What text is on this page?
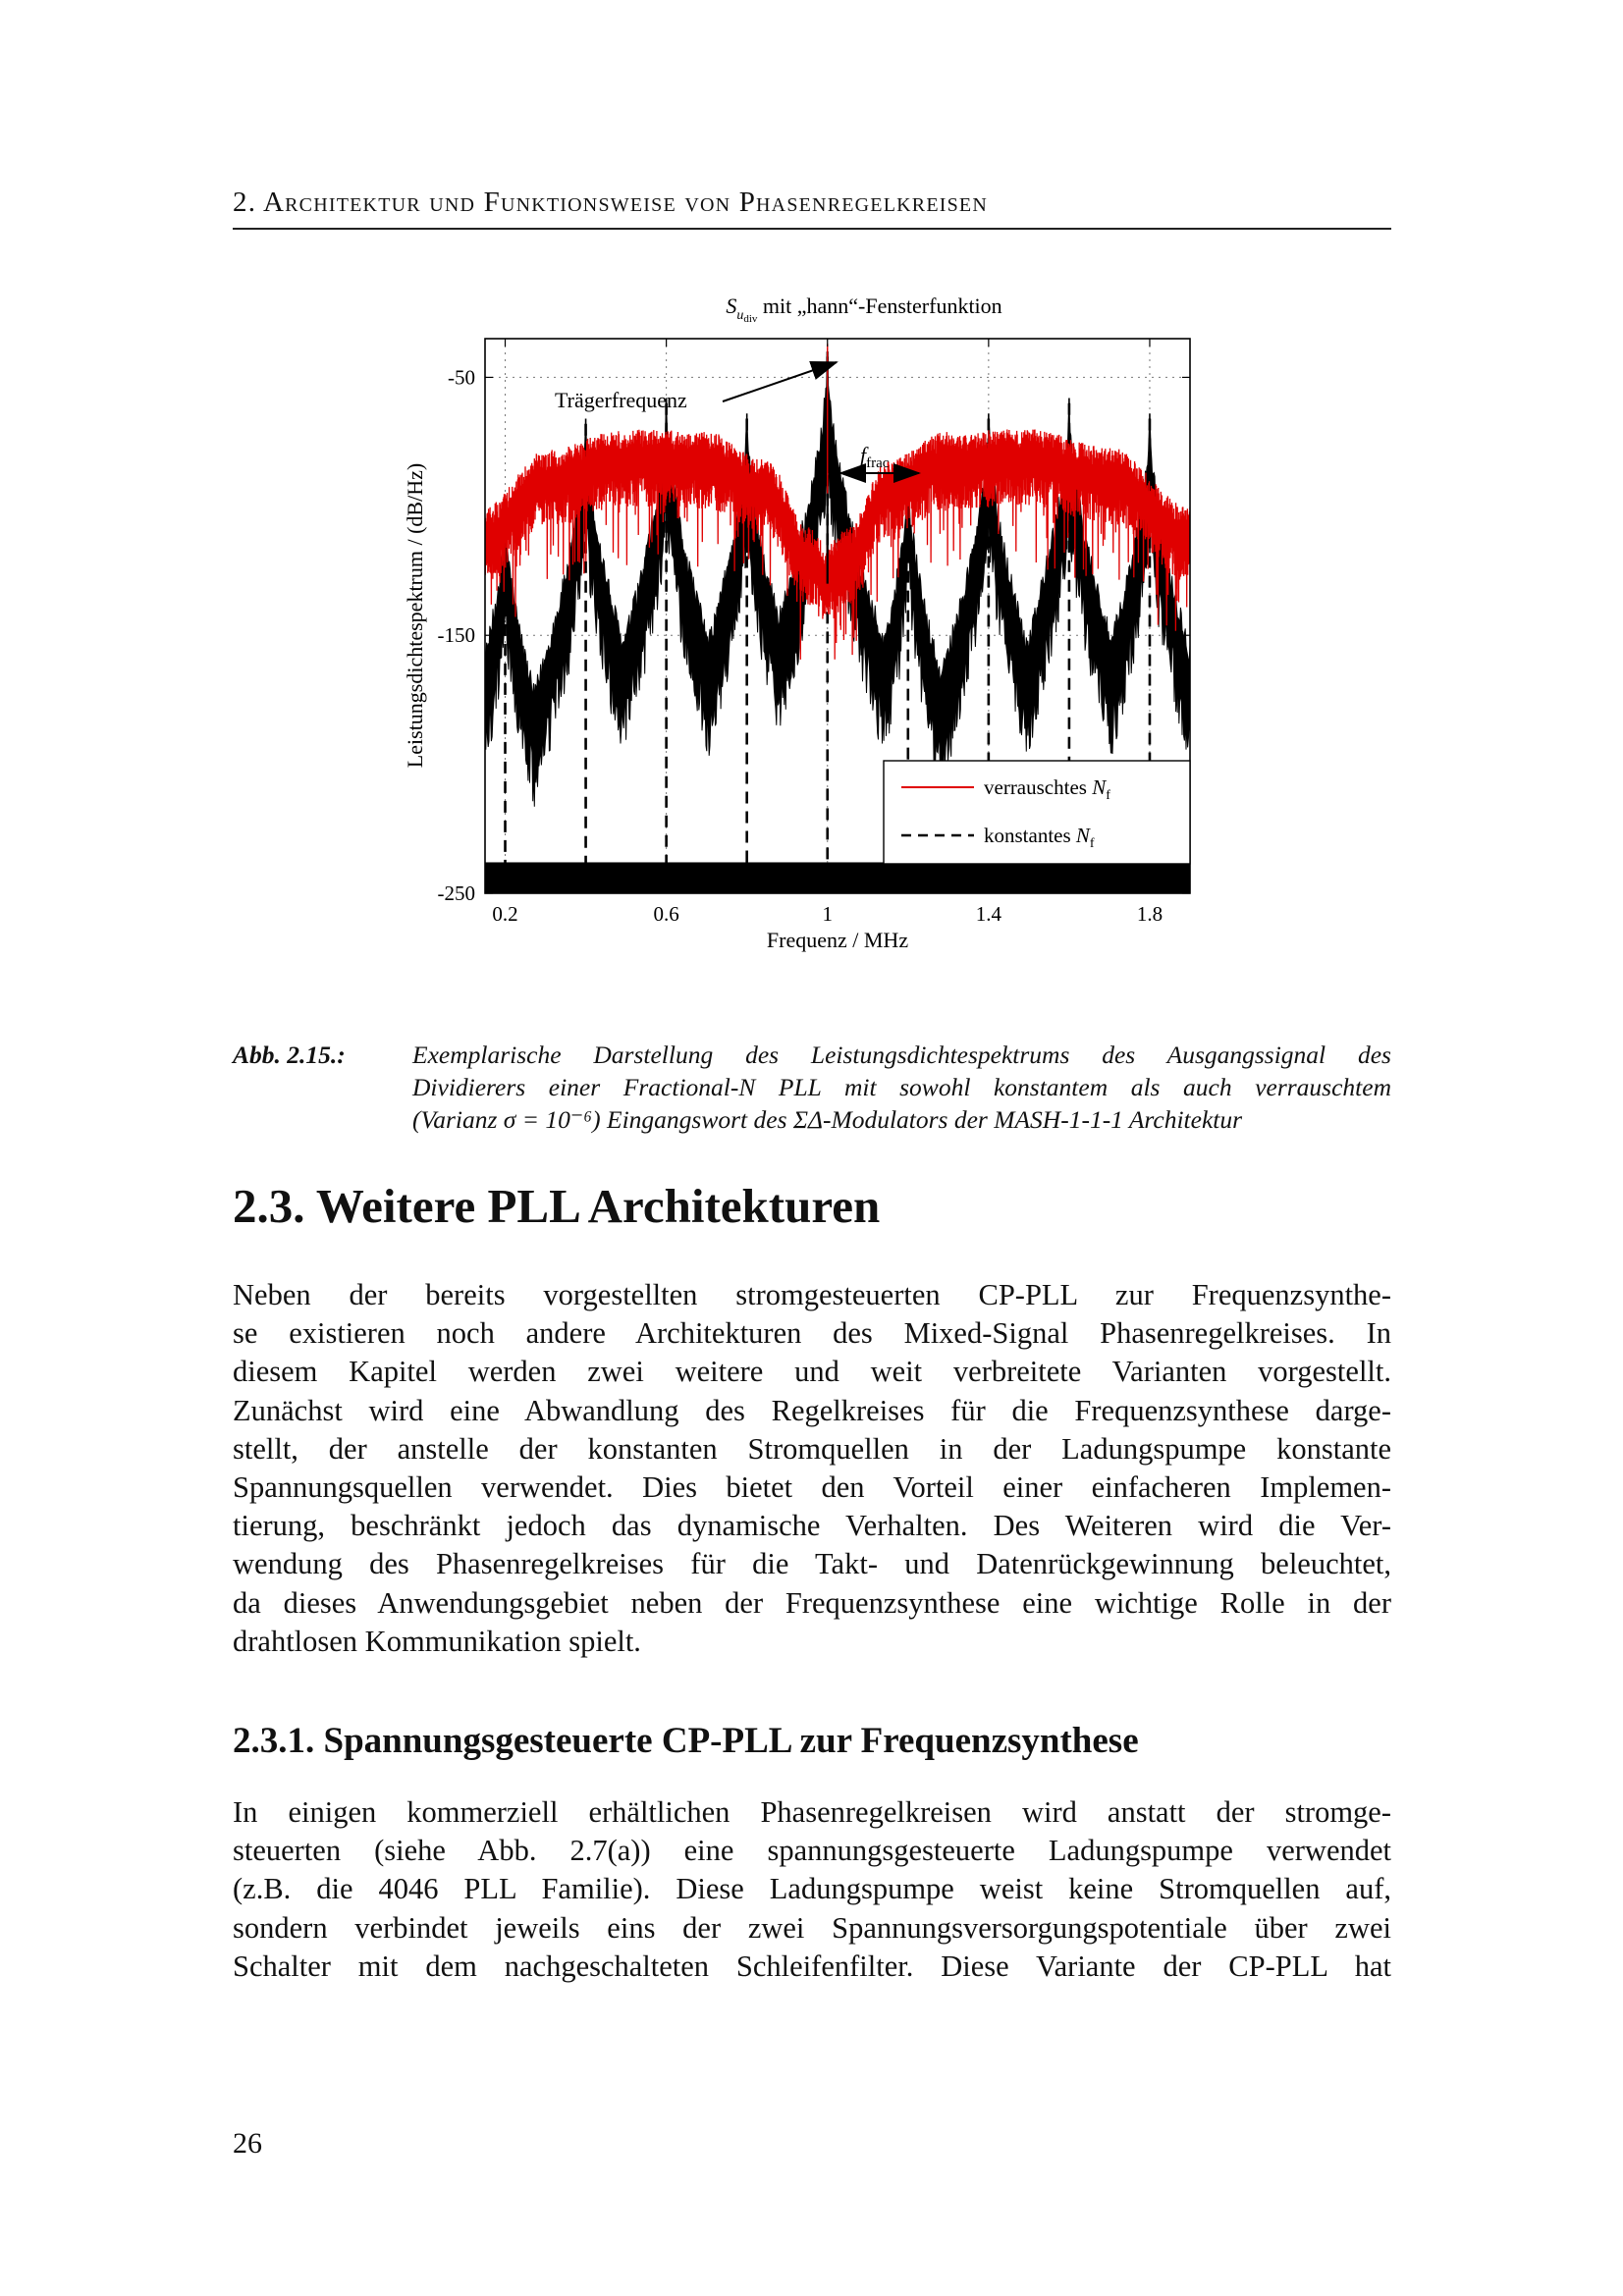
2. Architektur und Funktionsweise von Phasenregelkreisen
$S_udiv$ mit „hann“-Fensterfunktion
0.2	0.6	1	1.4	1.8
-50
-150
-250
Frequenz / MHz
Leistungsdichtespektrum / (dB/Hz)
Trägerfrequenz
$f_{frac}$
verrauschtes $N_f$
konstantes $N_f$
Abb. 2.15.:	Exemplarische Darstellung des Leistungsdichtespektrums des Ausgangssignal des
Dividierers einer Fractional-N PLL mit sowohl konstantem als auch verrauschtem
(Varianz σ = 10⁻⁶) Eingangswort des ΣΔ-Modulators der MASH-1-1-1 Architektur
2.3. Weitere PLL Architekturen
Neben der bereits vorgestellten stromgesteuerten CP-PLL zur Frequenzsynthe-
se existieren noch andere Architekturen des Mixed-Signal Phasenregelkreises. In
diesem Kapitel werden zwei weitere und weit verbreitete Varianten vorgestellt.
Zunächst wird eine Abwandlung des Regelkreises für die Frequenzsynthese darge-
stellt, der anstelle der konstanten Stromquellen in der Ladungspumpe konstante
Spannungsquellen verwendet. Dies bietet den Vorteil einer einfacheren Implemen-
tierung, beschränkt jedoch das dynamische Verhalten. Des Weiteren wird die Ver-
wendung des Phasenregelkreises für die Takt- und Datenrückgewinnung beleuchtet,
da dieses Anwendungsgebiet neben der Frequenzsynthese eine wichtige Rolle in der
drahtlosen Kommunikation spielt.
2.3.1. Spannungsgesteuerte CP-PLL zur Frequenzsynthese
In einigen kommerziell erhältlichen Phasenregelkreisen wird anstatt der stromge-
steuerten (siehe Abb. 2.7(a)) eine spannungsgesteuerte Ladungspumpe verwendet
(z.B. die 4046 PLL Familie). Diese Ladungspumpe weist keine Stromquellen auf,
sondern verbindet jeweils eins der zwei Spannungsversorgungspotentiale über zwei
Schalter mit dem nachgeschalteten Schleifenfilter. Diese Variante der CP-PLL hat
26
